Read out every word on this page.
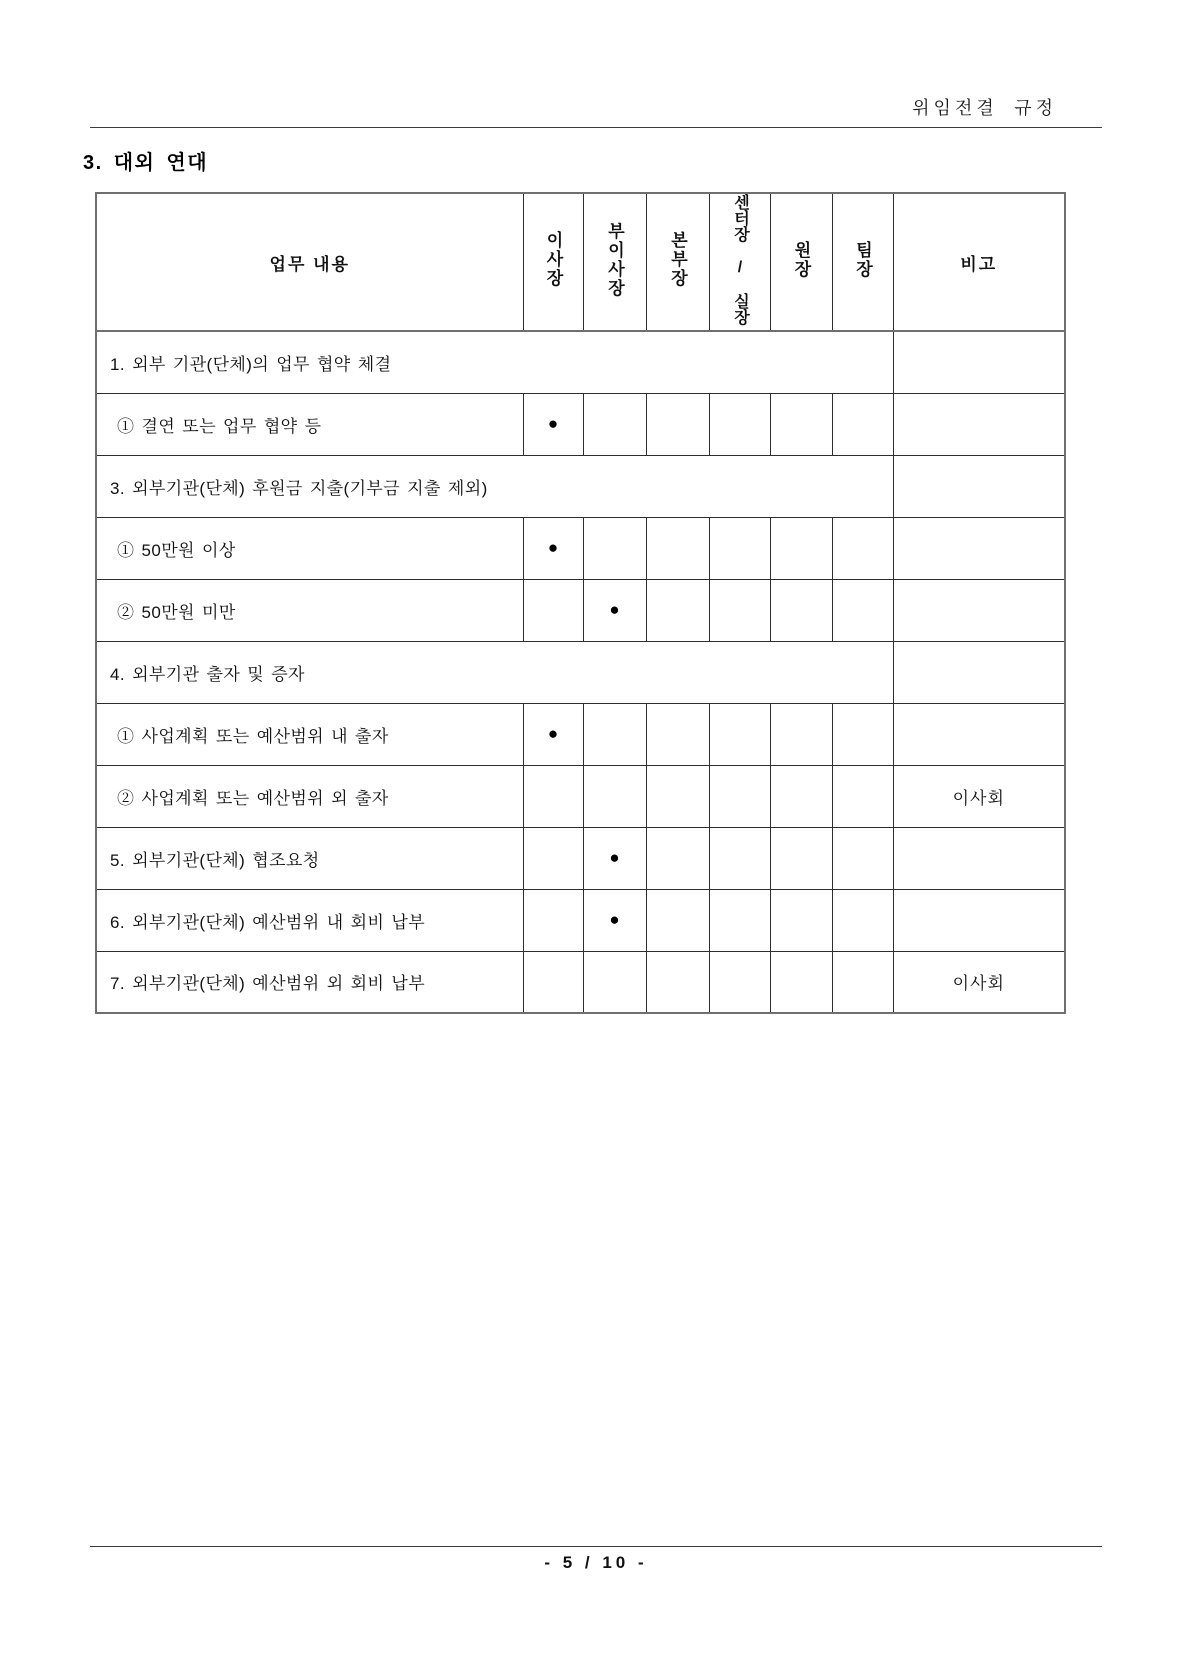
위임전결 규정
3. 대외 연대
업무 내용	이사장	부이사장	본부장	센터장 / 실장	원장	팀장	비고
1. 외부 기관(단체)의 업무 협약 체결							
① 결연 또는 업무 협약 등	●						
3. 외부기관(단체) 후원금 지출(기부금 지출 제외)							
① 50만원 이상	●						
② 50만원 미만		●					
4. 외부기관 출자 및 증자							
① 사업계획 또는 예산범위 내 출자	●						
② 사업계획 또는 예산범위 외 출자							이사회
5. 외부기관(단체) 협조요청		●					
6. 외부기관(단체) 예산범위 내 회비 납부		●					
7. 외부기관(단체) 예산범위 외 회비 납부							이사회
- 5 / 10 -
